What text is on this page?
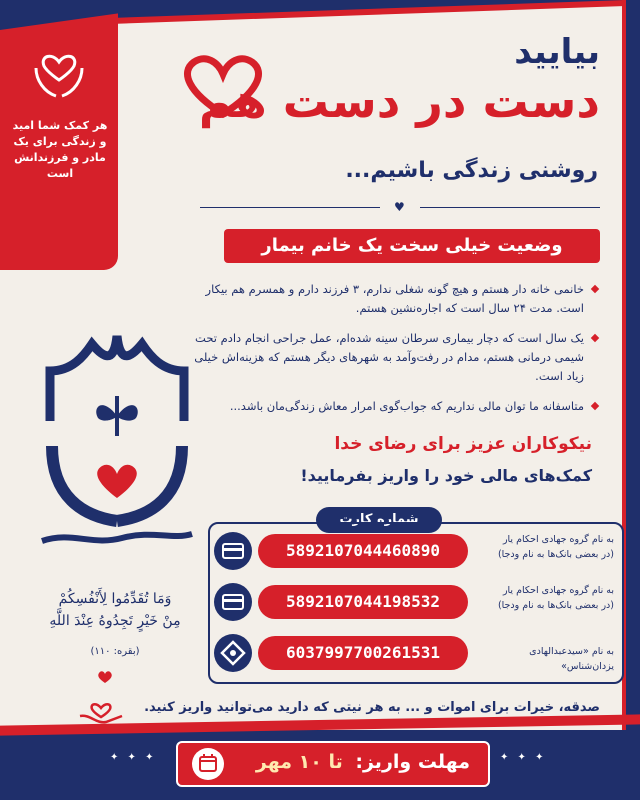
هر کمک شما امید و زندگی برای یک مادر و فرزندانش است
بیایید
دست در دست هم
روشنی زندگی باشیم...
♥
وضعیت خیلی سخت یک خانم بیمار
خانمی خانه دار هستم و هیچ گونه شغلی ندارم، ۳ فرزند دارم و همسرم هم بیکار است. مدت ۲۴ سال است که اجاره‌نشین هستم.
یک سال است که دچار بیماری سرطان سینه شده‌ام، عمل جراحی انجام دادم تحت شیمی درمانی هستم، مدام در رفت‌وآمد به شهرهای دیگر هستم که هزینه‌اش خیلی زیاد است.
متاسفانه ما توان مالی نداریم که جواب‌گوی امرار معاش زندگی‌مان باشد...
نیکوکاران عزیز برای رضای خدا
کمک‌های مالی خود را واریز بفرمایید!
وَمَا تُقَدِّمُوا لِأَنْفُسِكُمْ
مِنْ خَيْرٍ تَجِدُوهُ عِنْدَ اللَّهِ
(بقره: ۱۱۰)
شماره کارت
5892107044460890
به نام گروه جهادی احکام یار
(در بعضی بانک‌ها به نام ودجا)
5892107044198532
به نام گروه جهادی احکام یار
(در بعضی بانک‌ها به نام ودجا)
6037997700261531	به نام «سیدعبدالهادی یزدان‌شناس»
صدقه، خیرات برای اموات و ... به هر نیتی که دارید می‌توانید واریز کنید.
✦ ✦ ✦	✦ ✦ ✦
مهلت واریز: تا ۱۰ مهر
